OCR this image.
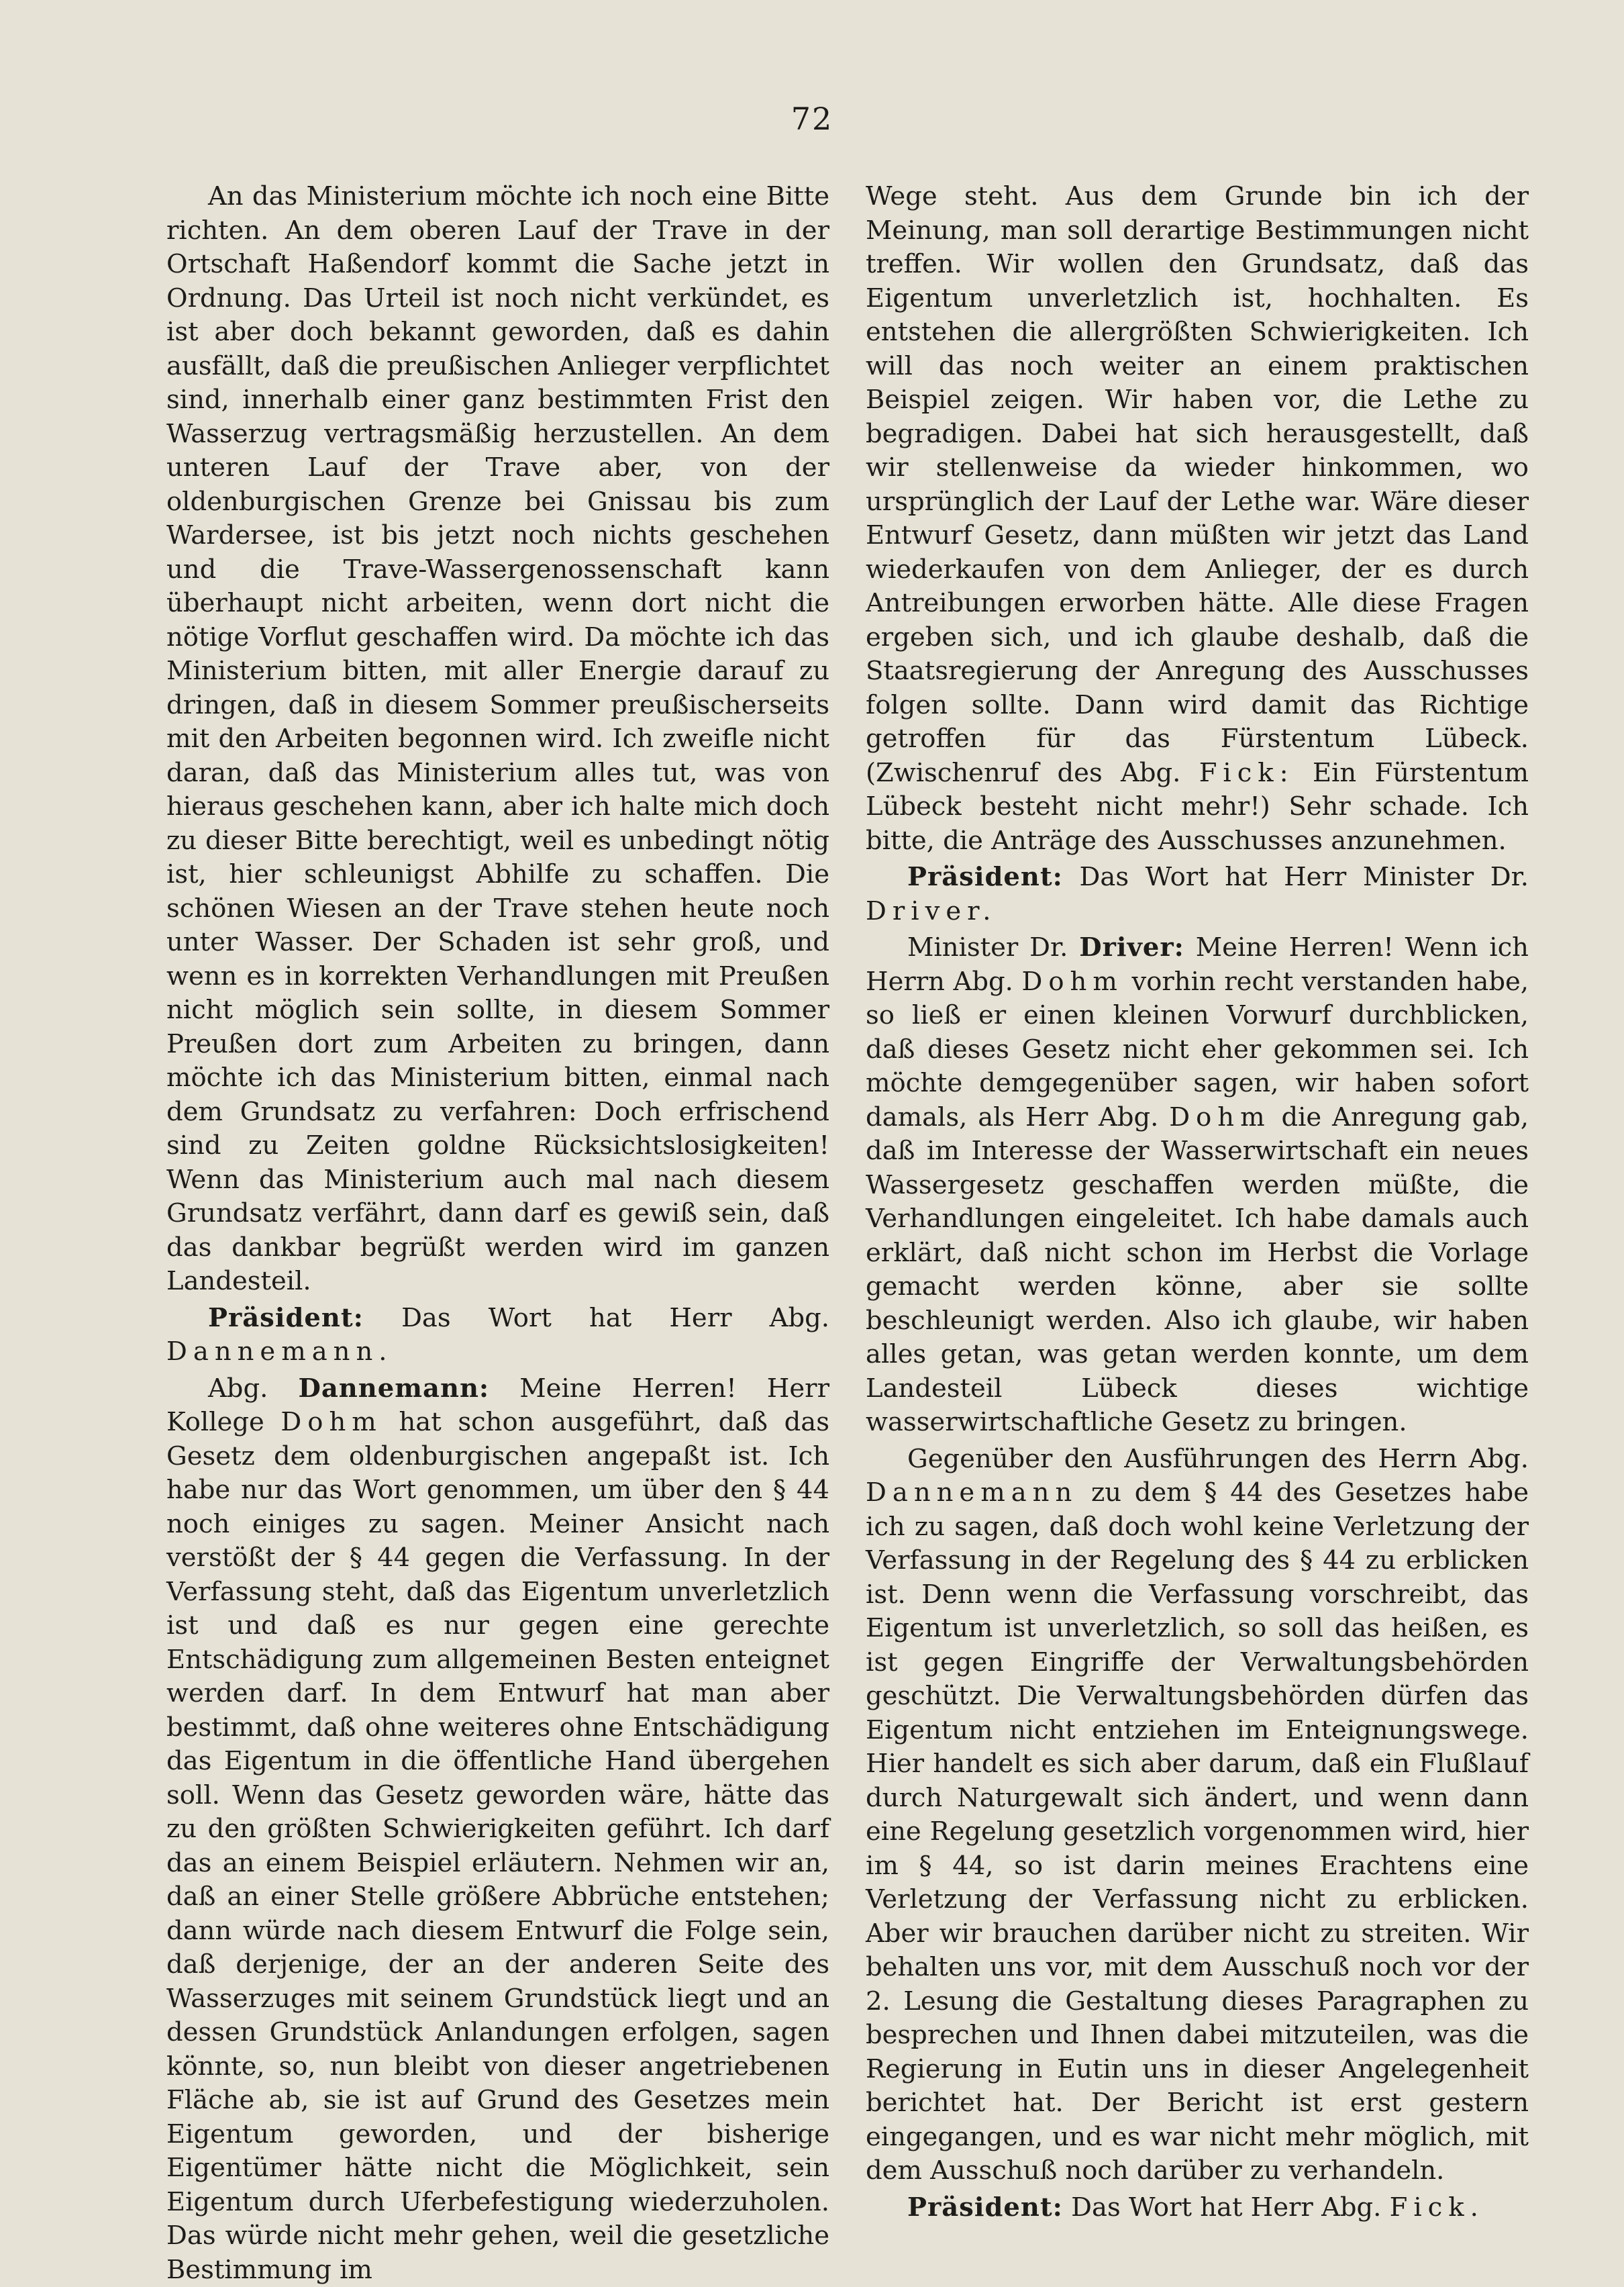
72

An das Ministerium möchte ich noch eine Bitte richten. An dem oberen Lauf der Trave in der Ortschaft Haßendorf kommt die Sache jetzt in Ordnung. Das Urteil ist noch nicht verkündet, es ist aber doch bekannt geworden, daß es dahin ausfällt, daß die preußischen Anlieger verpflichtet sind, innerhalb einer ganz bestimmten Frist den Wasserzug vertragsmäßig herzustellen. An dem unteren Lauf der Trave aber, von der oldenburgischen Grenze bei Gnissau bis zum Wardersee, ist bis jetzt noch nichts geschehen und die Trave-Wassergenossenschaft kann überhaupt nicht arbeiten, wenn dort nicht die nötige Vorflut geschaffen wird. Da möchte ich das Ministerium bitten, mit aller Energie darauf zu dringen, daß in diesem Sommer preußischerseits mit den Arbeiten begonnen wird. Ich zweifle nicht daran, daß das Ministerium alles tut, was von hieraus geschehen kann, aber ich halte mich doch zu dieser Bitte berechtigt, weil es unbedingt nötig ist, hier schleunigst Abhilfe zu schaffen. Die schönen Wiesen an der Trave stehen heute noch unter Wasser. Der Schaden ist sehr groß, und wenn es in korrekten Verhandlungen mit Preußen nicht möglich sein sollte, in diesem Sommer Preußen dort zum Arbeiten zu bringen, dann möchte ich das Ministerium bitten, einmal nach dem Grundsatz zu verfahren: Doch erfrischend sind zu Zeiten goldne Rücksichtslosigkeiten! Wenn das Ministerium auch mal nach diesem Grundsatz verfährt, dann darf es gewiß sein, daß das dankbar begrüßt werden wird im ganzen Landesteil.

Präsident: Das Wort hat Herr Abg. Dannemann.

Abg. Dannemann: Meine Herren! Herr Kollege Dohm hat schon ausgeführt, daß das Gesetz dem oldenburgischen angepaßt ist. Ich habe nur das Wort genommen, um über den § 44 noch einiges zu sagen. Meiner Ansicht nach verstößt der § 44 gegen die Verfassung. In der Verfassung steht, daß das Eigentum unverletzlich ist und daß es nur gegen eine gerechte Entschädigung zum allgemeinen Besten enteignet werden darf. In dem Entwurf hat man aber bestimmt, daß ohne weiteres ohne Entschädigung das Eigentum in die öffentliche Hand übergehen soll. Wenn das Gesetz geworden wäre, hätte das zu den größten Schwierigkeiten geführt. Ich darf das an einem Beispiel erläutern. Nehmen wir an, daß an einer Stelle größere Abbrüche entstehen; dann würde nach diesem Entwurf die Folge sein, daß derjenige, der an der anderen Seite des Wasserzuges mit seinem Grundstück liegt und an dessen Grundstück Anlandungen erfolgen, sagen könnte, so, nun bleibt von dieser angetriebenen Fläche ab, sie ist auf Grund des Gesetzes mein Eigentum geworden, und der bisherige Eigentümer hätte nicht die Möglichkeit, sein Eigentum durch Uferbefestigung wiederzuholen. Das würde nicht mehr gehen, weil die gesetzliche Bestimmung im

Wege steht. Aus dem Grunde bin ich der Meinung, man soll derartige Bestimmungen nicht treffen. Wir wollen den Grundsatz, daß das Eigentum unverletzlich ist, hochhalten. Es entstehen die allergrößten Schwierigkeiten. Ich will das noch weiter an einem praktischen Beispiel zeigen. Wir haben vor, die Lethe zu begradigen. Dabei hat sich herausgestellt, daß wir stellenweise da wieder hinkommen, wo ursprünglich der Lauf der Lethe war. Wäre dieser Entwurf Gesetz, dann müßten wir jetzt das Land wiederkaufen von dem Anlieger, der es durch Antreibungen erworben hätte. Alle diese Fragen ergeben sich, und ich glaube deshalb, daß die Staatsregierung der Anregung des Ausschusses folgen sollte. Dann wird damit das Richtige getroffen für das Fürstentum Lübeck. (Zwischenruf des Abg. Fick: Ein Fürstentum Lübeck besteht nicht mehr!) Sehr schade. Ich bitte, die Anträge des Ausschusses anzunehmen.

Präsident: Das Wort hat Herr Minister Dr. Driver.

Minister Dr. Driver: Meine Herren! Wenn ich Herrn Abg. Dohm vorhin recht verstanden habe, so ließ er einen kleinen Vorwurf durchblicken, daß dieses Gesetz nicht eher gekommen sei. Ich möchte demgegenüber sagen, wir haben sofort damals, als Herr Abg. Dohm die Anregung gab, daß im Interesse der Wasserwirtschaft ein neues Wassergesetz geschaffen werden müßte, die Verhandlungen eingeleitet. Ich habe damals auch erklärt, daß nicht schon im Herbst die Vorlage gemacht werden könne, aber sie sollte beschleunigt werden. Also ich glaube, wir haben alles getan, was getan werden konnte, um dem Landesteil Lübeck dieses wichtige wasserwirtschaftliche Gesetz zu bringen.

Gegenüber den Ausführungen des Herrn Abg. Dannemann zu dem § 44 des Gesetzes habe ich zu sagen, daß doch wohl keine Verletzung der Verfassung in der Regelung des § 44 zu erblicken ist. Denn wenn die Verfassung vorschreibt, das Eigentum ist unverletzlich, so soll das heißen, es ist gegen Eingriffe der Verwaltungsbehörden geschützt. Die Verwaltungsbehörden dürfen das Eigentum nicht entziehen im Enteignungswege. Hier handelt es sich aber darum, daß ein Flußlauf durch Naturgewalt sich ändert, und wenn dann eine Regelung gesetzlich vorgenommen wird, hier im § 44, so ist darin meines Erachtens eine Verletzung der Verfassung nicht zu erblicken. Aber wir brauchen darüber nicht zu streiten. Wir behalten uns vor, mit dem Ausschuß noch vor der 2. Lesung die Gestaltung dieses Paragraphen zu besprechen und Ihnen dabei mitzuteilen, was die Regierung in Eutin uns in dieser Angelegenheit berichtet hat. Der Bericht ist erst gestern eingegangen, und es war nicht mehr möglich, mit dem Ausschuß noch darüber zu verhandeln.

Präsident: Das Wort hat Herr Abg. Fick.
